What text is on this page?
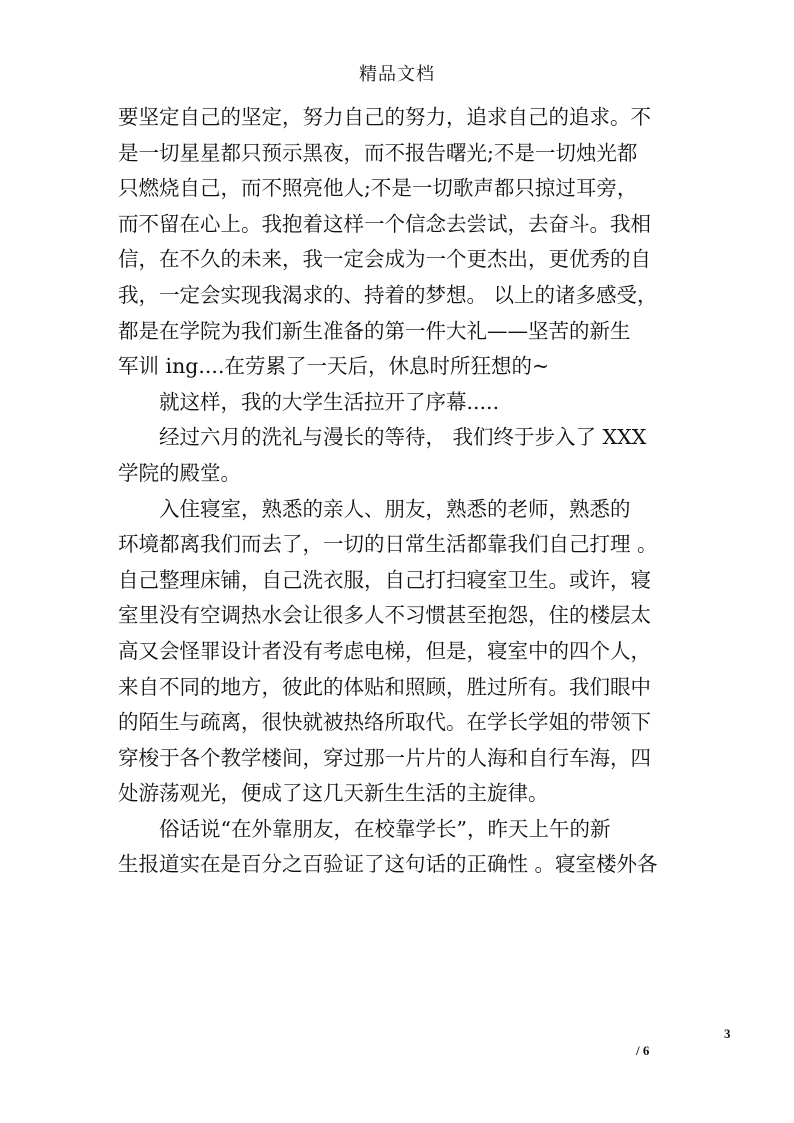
精品文档
要坚定自己的坚定，努力自己的努力，追求自己的追求。不
是一切星星都只预示黑夜，而不报告曙光;不是一切烛光都
只燃烧自己，而不照亮他人;不是一切歌声都只掠过耳旁，
而不留在心上。我抱着这样一个信念去尝试，去奋斗。我相
信，在不久的未来，我一定会成为一个更杰出，更优秀的自
我，一定会实现我渴求的、持着的梦想。 以上的诸多感受，
都是在学院为我们新生准备的第一件大礼——坚苦的新生
军训 ing....在劳累了一天后，休息时所狂想的~
就这样，我的大学生活拉开了序幕.....
经过六月的洗礼与漫长的等待， 我们终于步入了 XXX
学院的殿堂。
入住寝室，熟悉的亲人、朋友，熟悉的老师，熟悉的
环境都离我们而去了，一切的日常生活都靠我们自己打理 。
自己整理床铺，自己洗衣服，自己打扫寝室卫生。或许，寝
室里没有空调热水会让很多人不习惯甚至抱怨，住的楼层太
高又会怪罪设计者没有考虑电梯，但是，寝室中的四个人，
来自不同的地方，彼此的体贴和照顾，胜过所有。我们眼中
的陌生与疏离，很快就被热络所取代。在学长学姐的带领下
穿梭于各个教学楼间，穿过那一片片的人海和自行车海，四
处游荡观光，便成了这几天新生生活的主旋律。
俗话说“在外靠朋友，在校靠学长”，昨天上午的新
生报道实在是百分之百验证了这句话的正确性 。寝室楼外各
3
/ 6
